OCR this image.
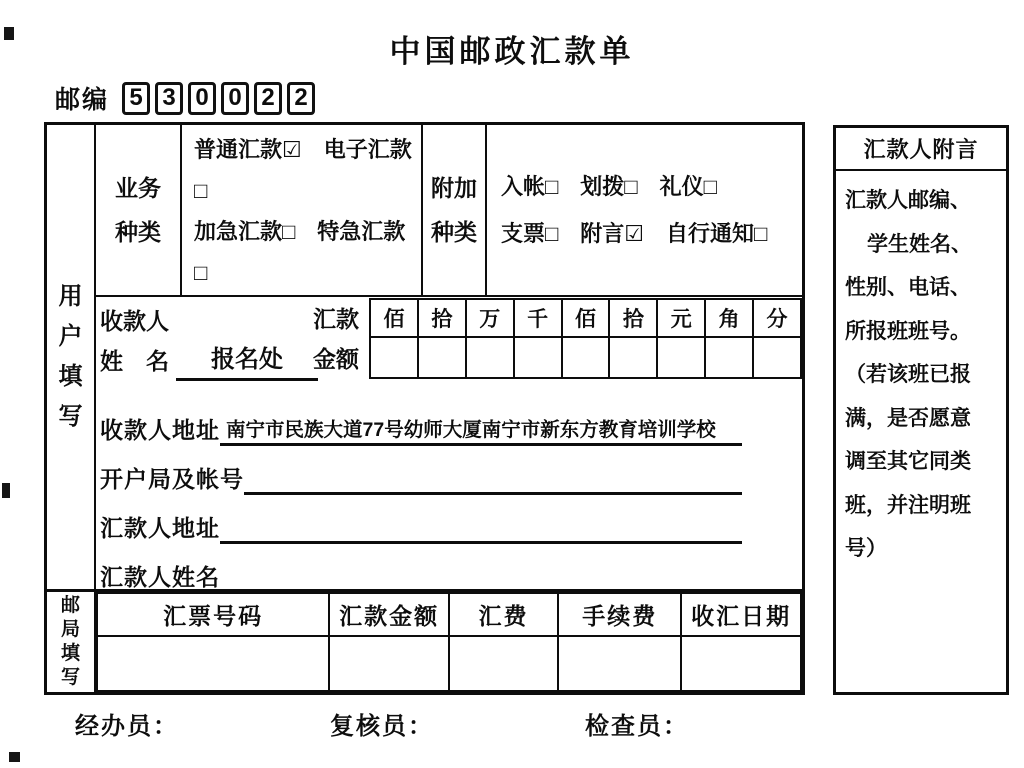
中国邮政汇款单
邮编 5 3 0 0 2 2
用户填写
业务
种类
普通汇款☑　电子汇款
□
加急汇款□　特急汇款
□
附加
种类
入帐□　划拨□　礼仪□
支票□　附言☑　自行通知□
收款人
姓　名	报名处
汇款
金额
佰	拾	万	千	佰	拾	元	角	分

收款人地址 南宁市民族大道77号幼师大厦南宁市新东方教育培训学校
开户局及帐号
汇款人地址
汇款人姓名
邮局填写
汇票号码	汇款金额	汇费	手续费	收汇日期

汇款人附言
汇款人邮编、
学生姓名、
性别、电话、
所报班班号。
（若该班已报
满，是否愿意
调至其它同类
班，并注明班
号）
经办员：	复核员：	检查员：
